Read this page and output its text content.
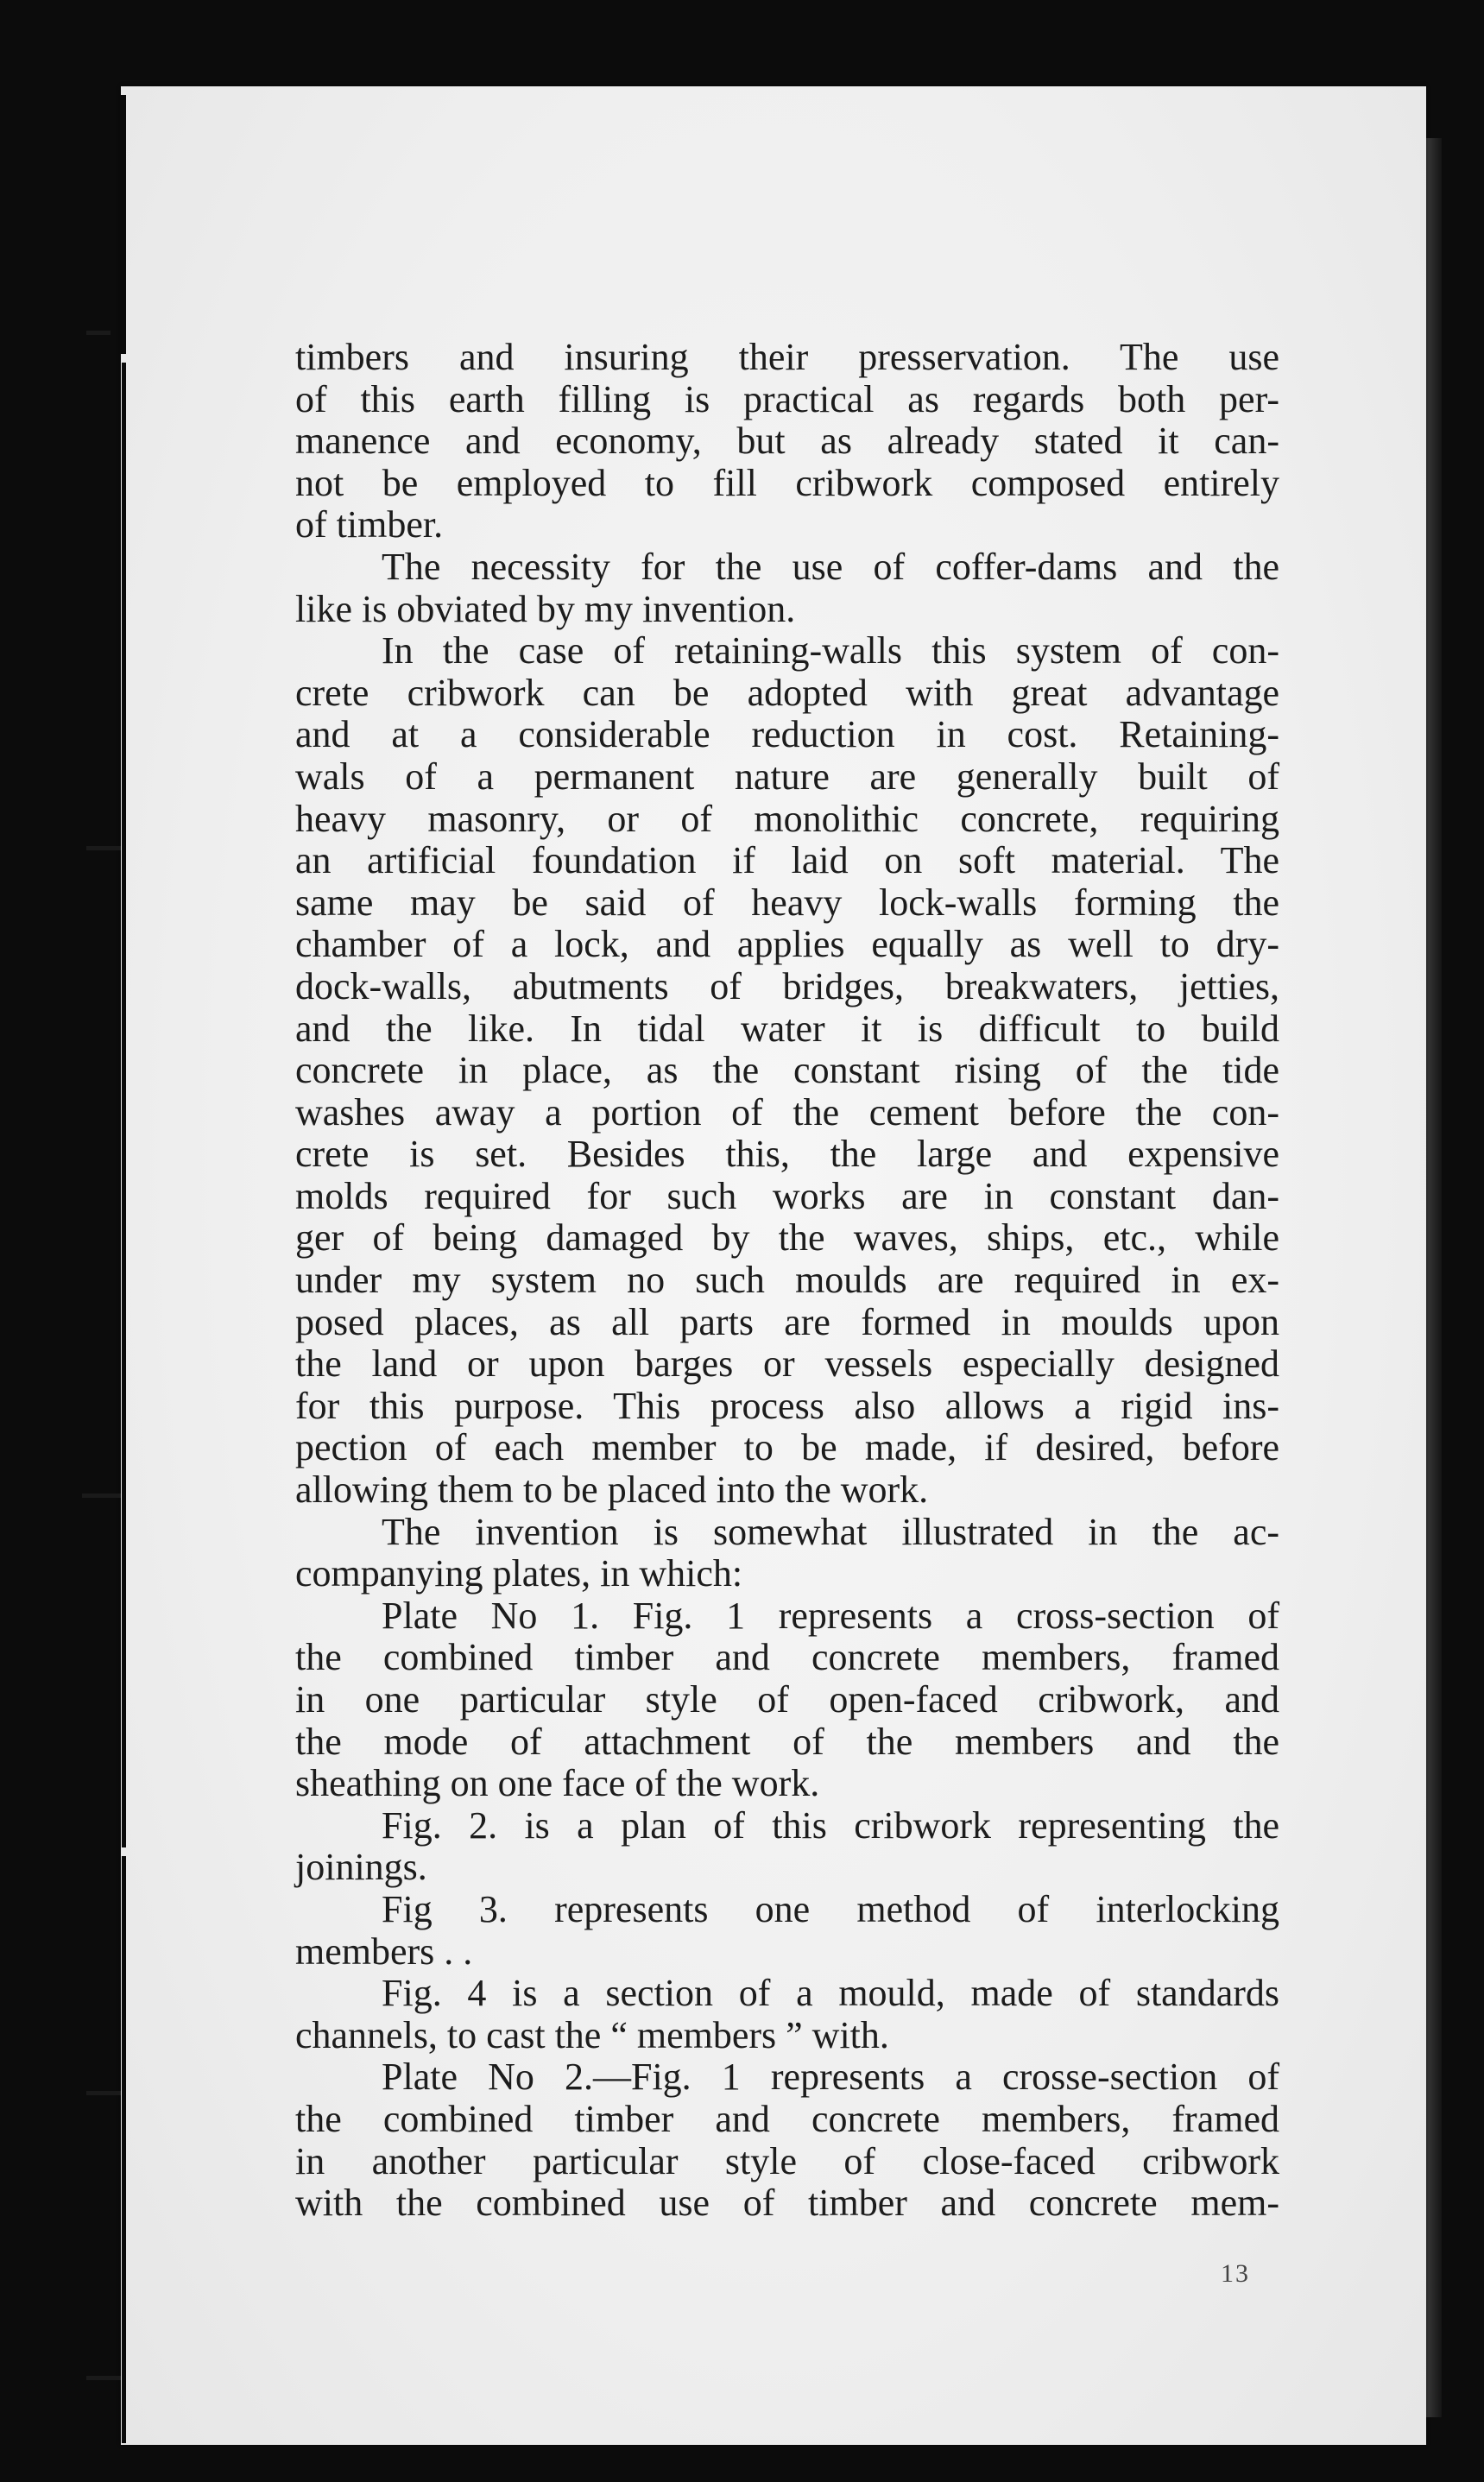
timbers and insuring their presservation. The use
of this earth filling is practical as regards both per-
manence and economy, but as already stated it can-
not be employed to fill cribwork composed entirely
of timber.
The necessity for the use of coffer-dams and the
like is obviated by my invention.
In the case of retaining-walls this system of con-
crete cribwork can be adopted with great advantage
and at a considerable reduction in cost. Retaining-
wals of a permanent nature are generally built of
heavy masonry, or of monolithic concrete, requiring
an artificial foundation if laid on soft material. The
same may be said of heavy lock-walls forming the
chamber of a lock, and applies equally as well to dry-
dock-walls, abutments of bridges, breakwaters, jetties,
and the like. In tidal water it is difficult to build
concrete in place, as the constant rising of the tide
washes away a portion of the cement before the con-
crete is set. Besides this, the large and expensive
molds required for such works are in constant dan-
ger of being damaged by the waves, ships, etc., while
under my system no such moulds are required in ex-
posed places, as all parts are formed in moulds upon
the land or upon barges or vessels especially designed
for this purpose. This process also allows a rigid ins-
pection of each member to be made, if desired, before
allowing them to be placed into the work.
The invention is somewhat illustrated in the ac-
companying plates, in which:
Plate No 1. Fig. 1 represents a cross-section of
the combined timber and concrete members, framed
in one particular style of open-faced cribwork, and
the mode of attachment of the members and the
sheathing on one face of the work.
Fig. 2. is a plan of this cribwork representing the
joinings.
Fig 3. represents one method of interlocking
members . .
Fig. 4 is a section of a mould, made of standards
channels, to cast the “ members ” with.
Plate No 2.—Fig. 1 represents a crosse-section of
the combined timber and concrete members, framed
in another particular style of close-faced cribwork
with the combined use of timber and concrete mem-
13
